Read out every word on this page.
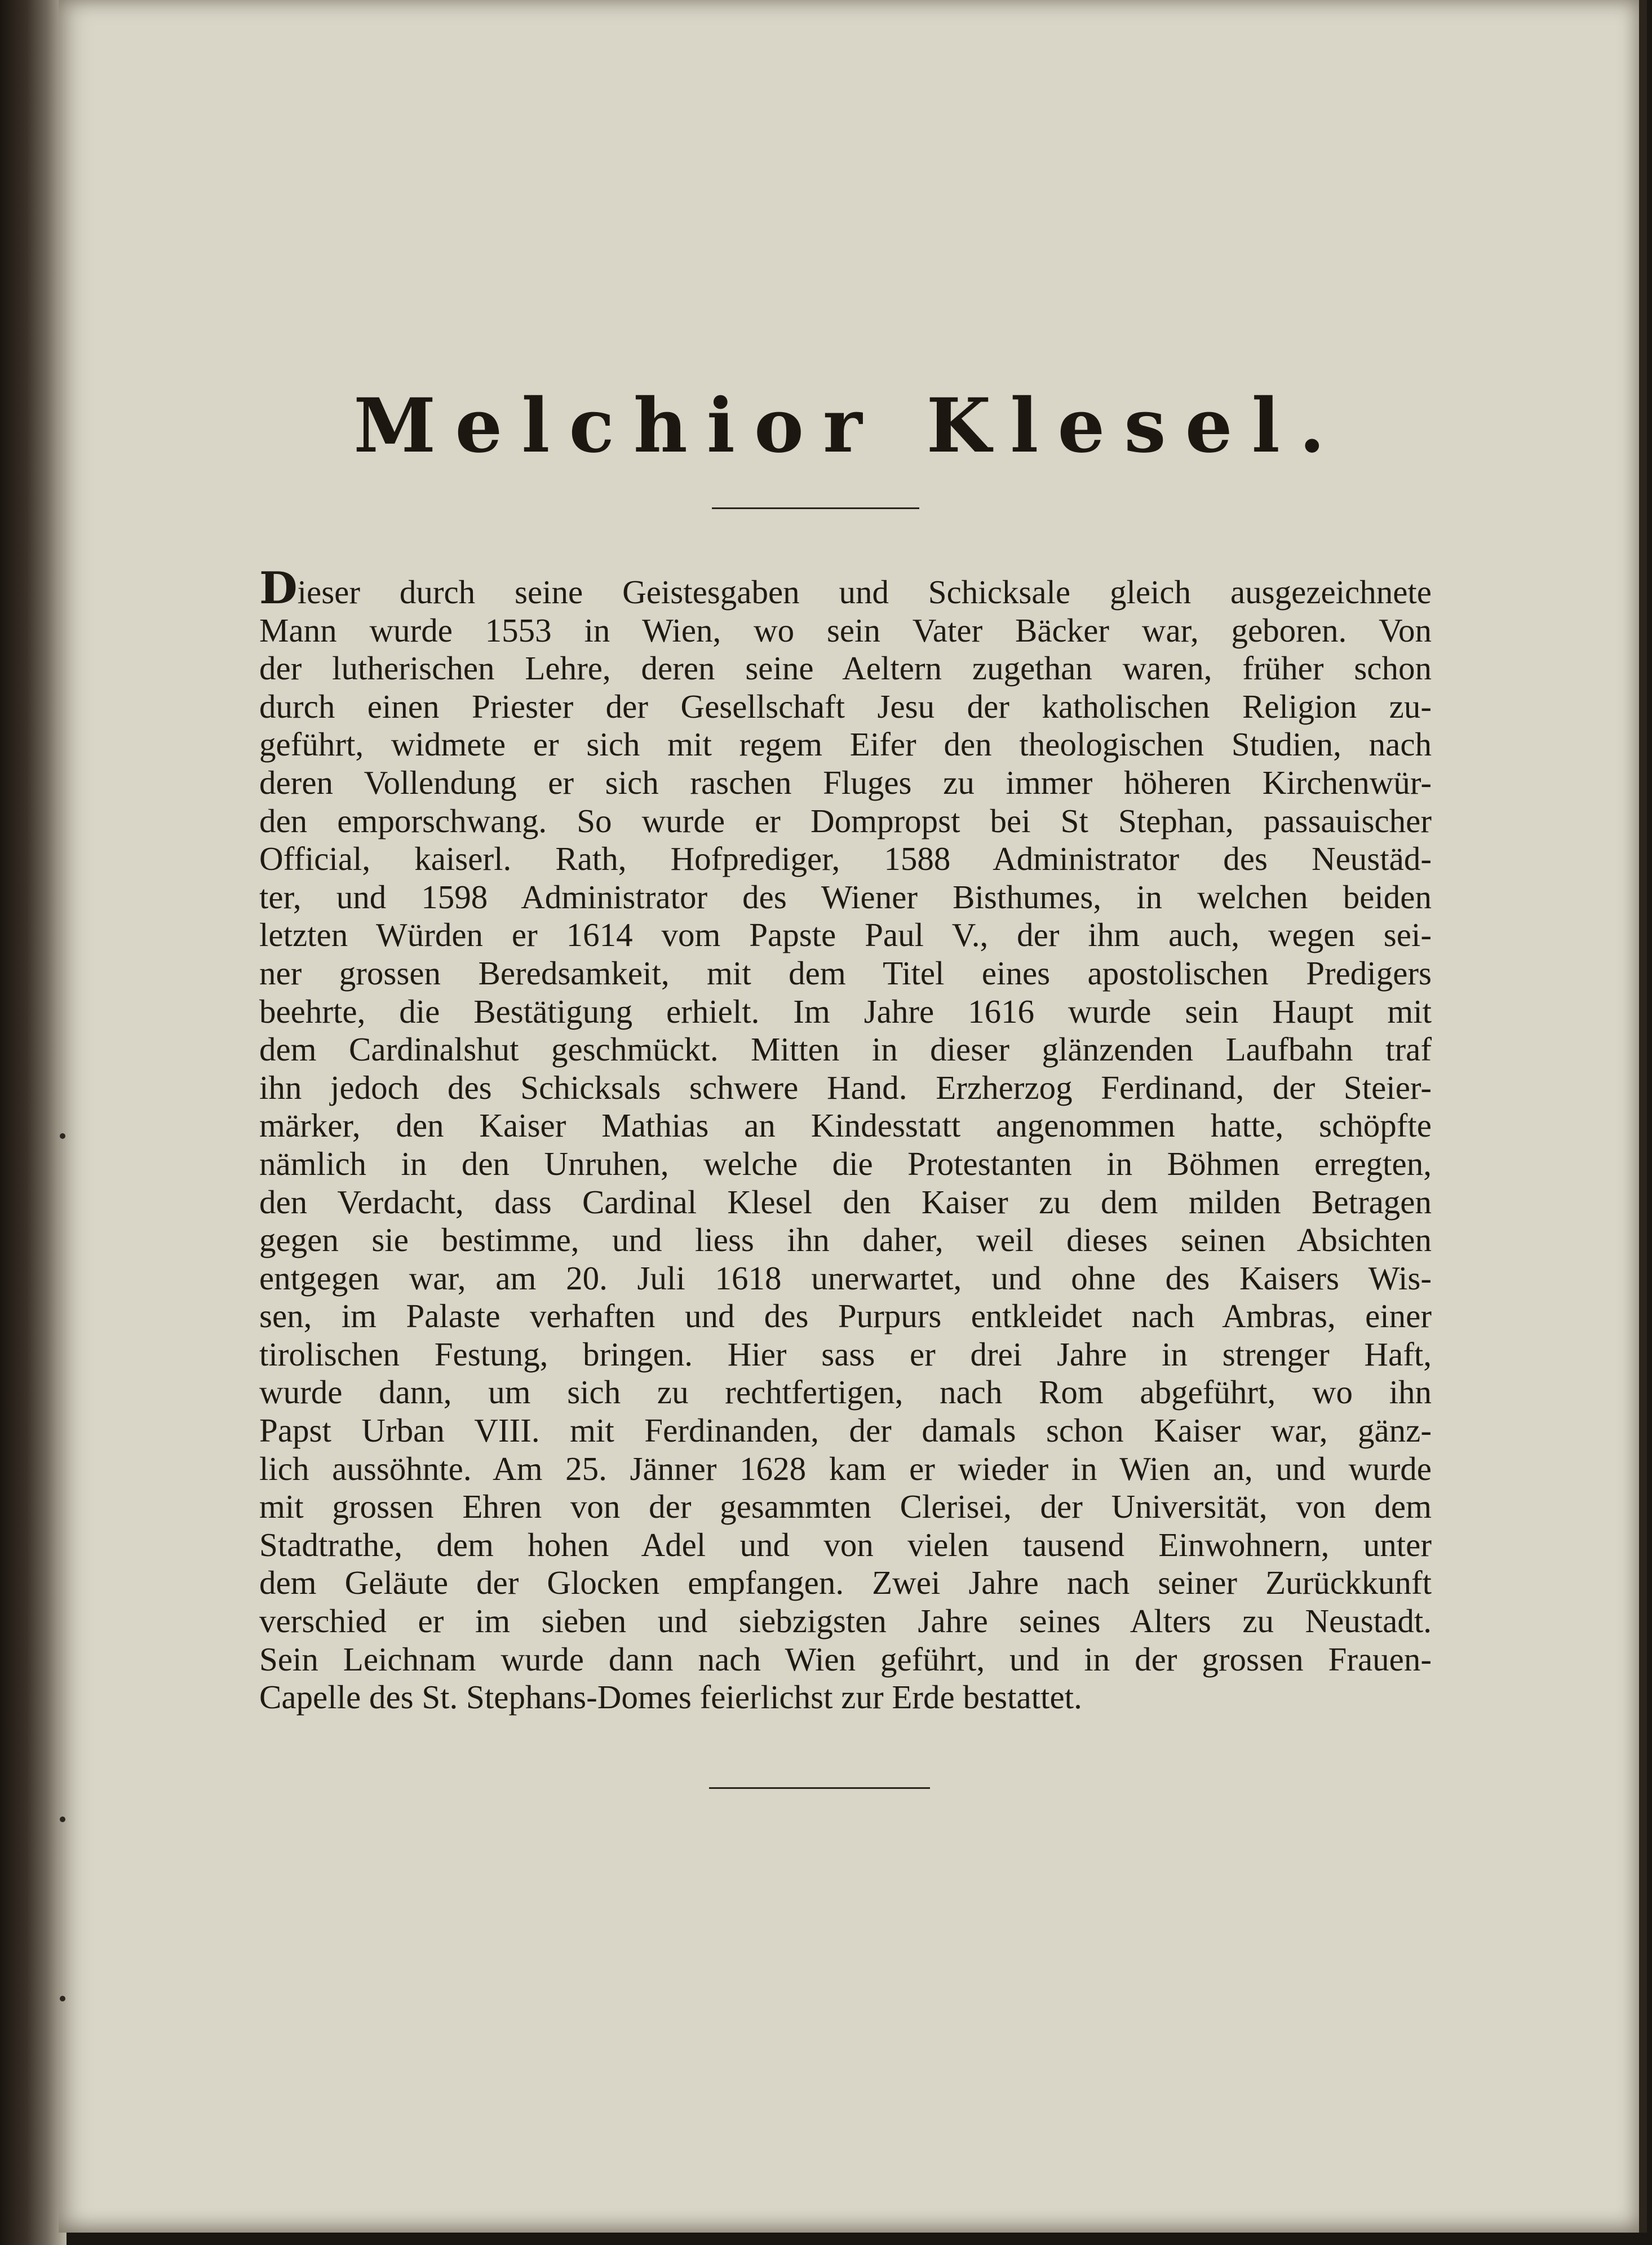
Melchior Klesel.
Dieser durch seine Geistesgaben und Schicksale gleich ausgezeichnete
Mann wurde 1553 in Wien, wo sein Vater Bäcker war, geboren. Von
der lutherischen Lehre, deren seine Aeltern zugethan waren, früher schon
durch einen Priester der Gesellschaft Jesu der katholischen Religion zu-
geführt, widmete er sich mit regem Eifer den theologischen Studien, nach
deren Vollendung er sich raschen Fluges zu immer höheren Kirchenwür-
den emporschwang. So wurde er Dompropst bei St Stephan, passauischer
Official, kaiserl. Rath, Hofprediger, 1588 Administrator des Neustäd-
ter, und 1598 Administrator des Wiener Bisthumes, in welchen beiden
letzten Würden er 1614 vom Papste Paul V., der ihm auch, wegen sei-
ner grossen Beredsamkeit, mit dem Titel eines apostolischen Predigers
beehrte, die Bestätigung erhielt. Im Jahre 1616 wurde sein Haupt mit
dem Cardinalshut geschmückt. Mitten in dieser glänzenden Laufbahn traf
ihn jedoch des Schicksals schwere Hand. Erzherzog Ferdinand, der Steier-
märker, den Kaiser Mathias an Kindesstatt angenommen hatte, schöpfte
nämlich in den Unruhen, welche die Protestanten in Böhmen erregten,
den Verdacht, dass Cardinal Klesel den Kaiser zu dem milden Betragen
gegen sie bestimme, und liess ihn daher, weil dieses seinen Absichten
entgegen war, am 20. Juli 1618 unerwartet, und ohne des Kaisers Wis-
sen, im Palaste verhaften und des Purpurs entkleidet nach Ambras, einer
tirolischen Festung, bringen. Hier sass er drei Jahre in strenger Haft,
wurde dann, um sich zu rechtfertigen, nach Rom abgeführt, wo ihn
Papst Urban VIII. mit Ferdinanden, der damals schon Kaiser war, gänz-
lich aussöhnte. Am 25. Jänner 1628 kam er wieder in Wien an, und wurde
mit grossen Ehren von der gesammten Clerisei, der Universität, von dem
Stadtrathe, dem hohen Adel und von vielen tausend Einwohnern, unter
dem Geläute der Glocken empfangen. Zwei Jahre nach seiner Zurückkunft
verschied er im sieben und siebzigsten Jahre seines Alters zu Neustadt.
Sein Leichnam wurde dann nach Wien geführt, und in der grossen Frauen-
Capelle des St. Stephans-Domes feierlichst zur Erde bestattet.
